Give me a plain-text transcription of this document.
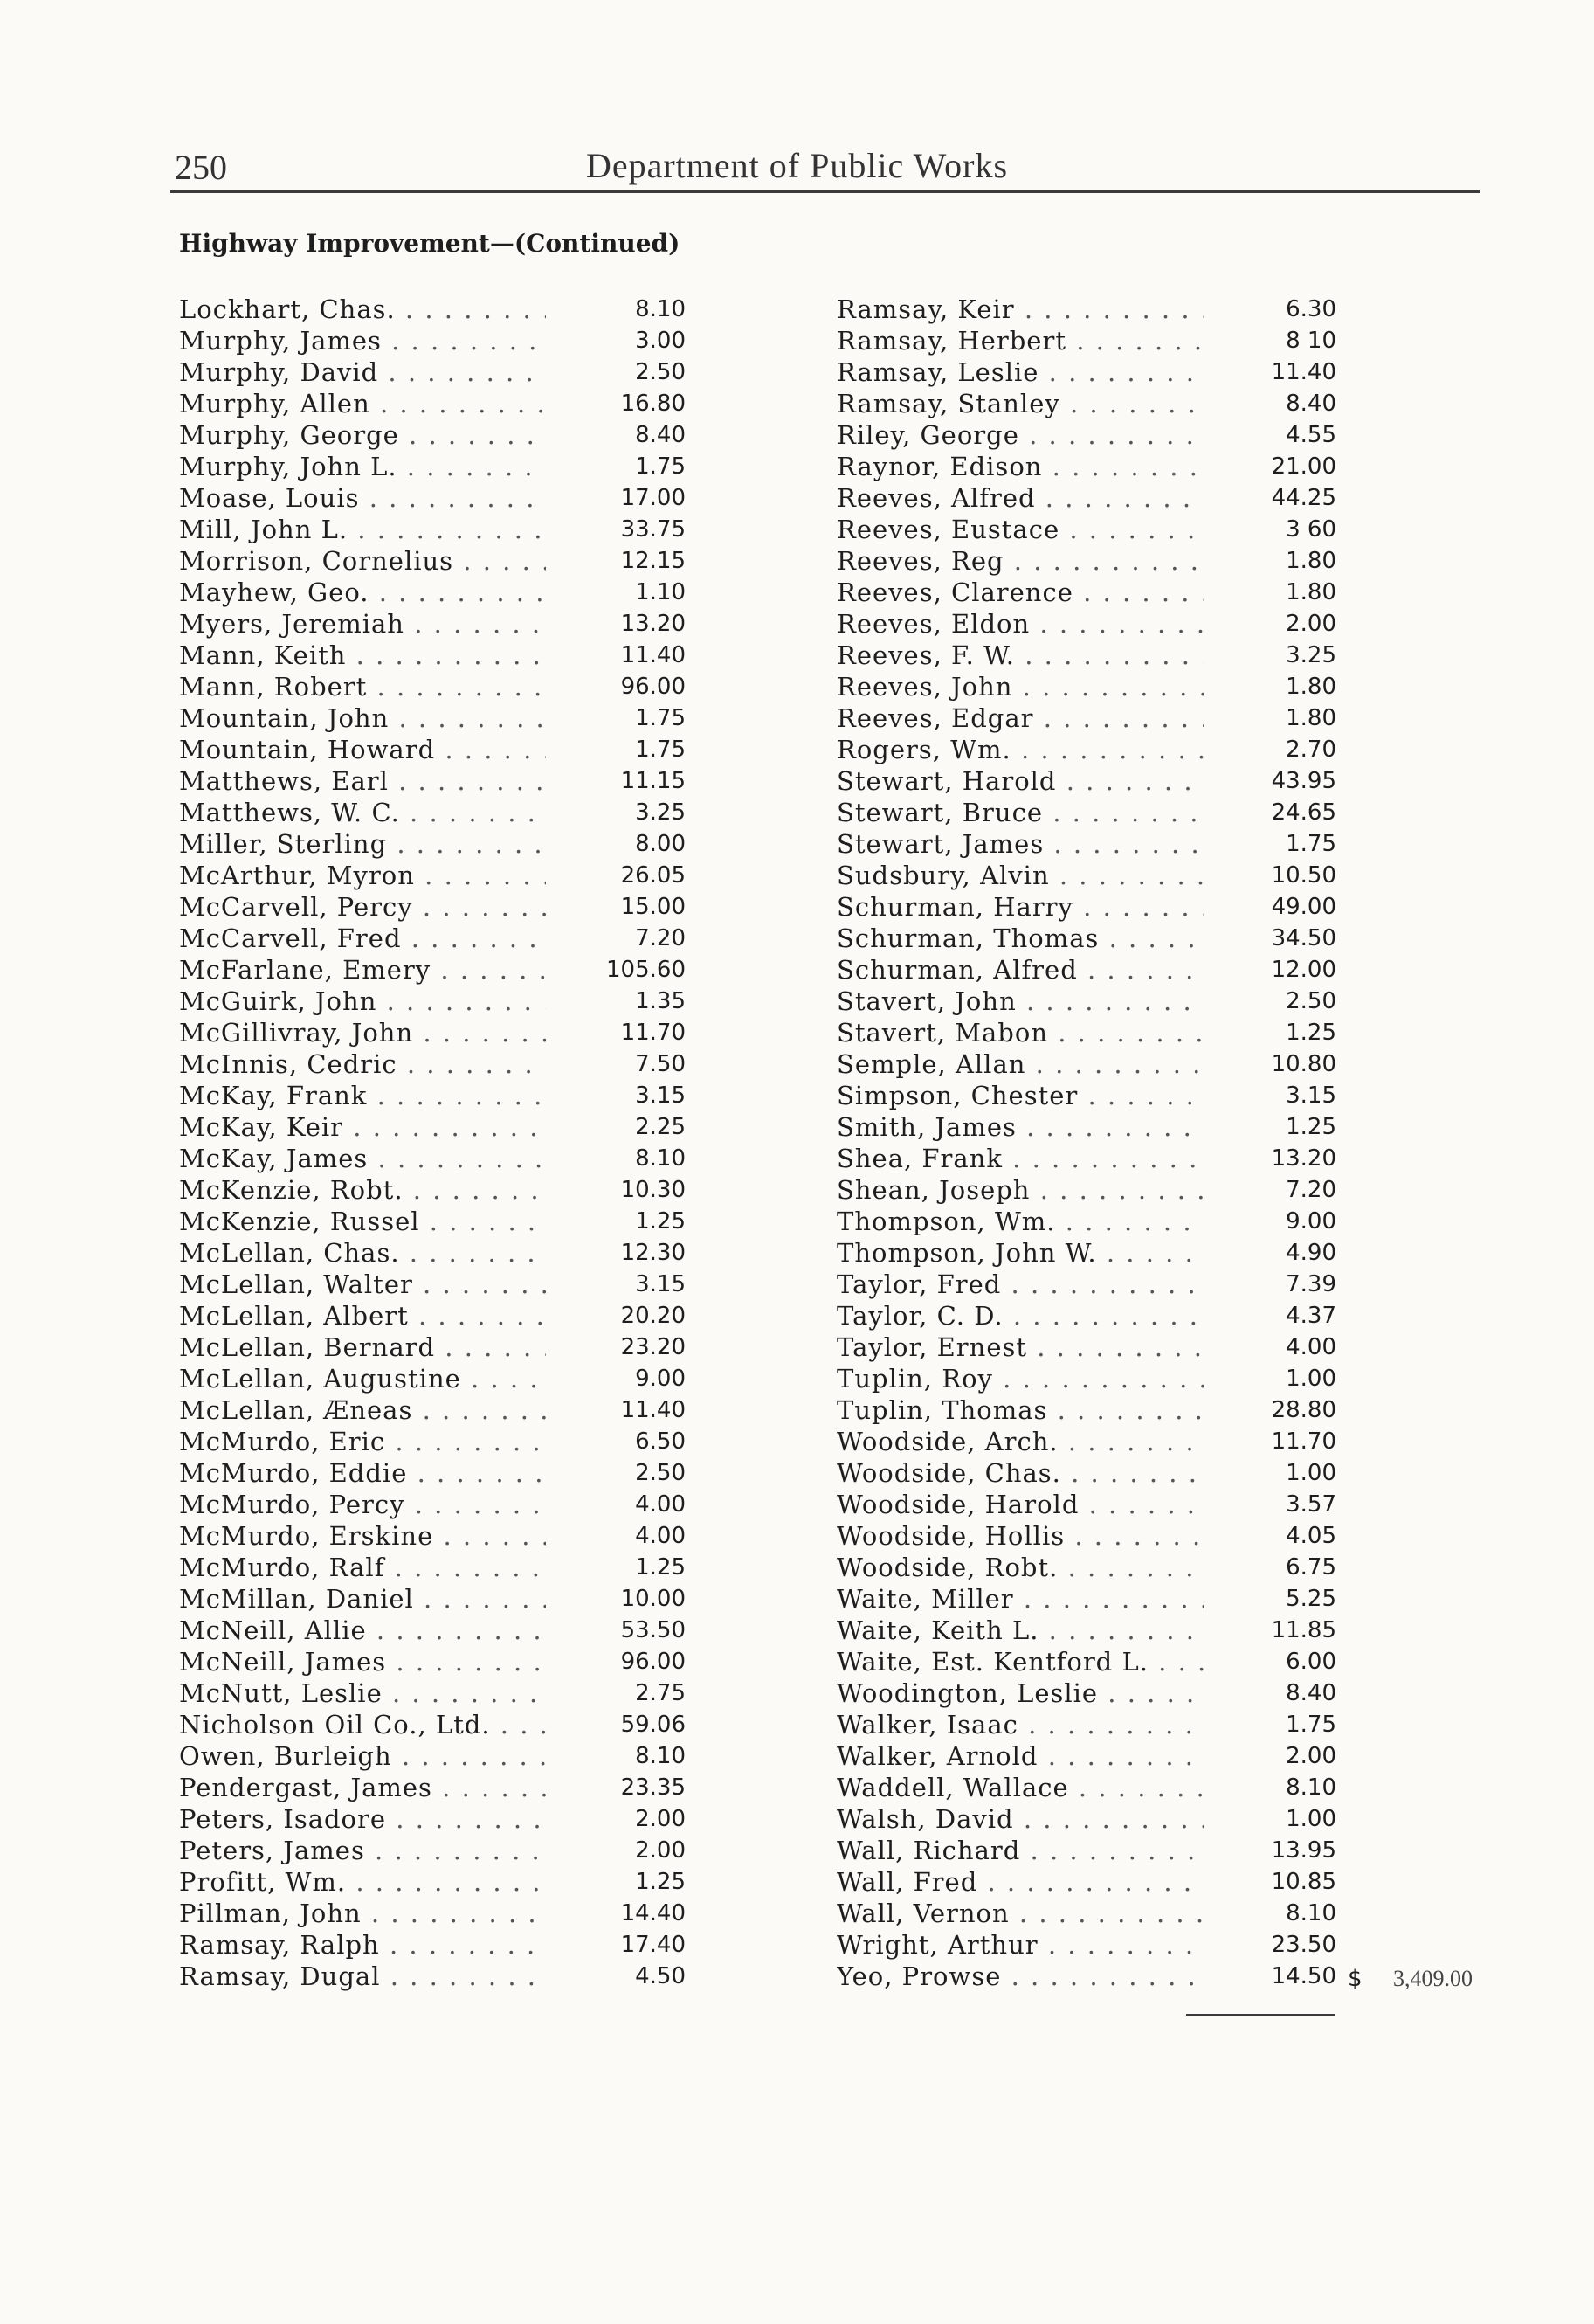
250	Department of Public Works
Highway Improvement—(Continued)
Lockhart, Chas. . . .	8.10
Murphy, James . . .	3.00
Murphy, David . . .	2.50
Murphy, Allen . . .	16.80
Murphy, George . . .	8.40
Murphy, John L. . . .	1.75
Moase, Louis . . .	17.00
Mill, John L. . . .	33.75
Morrison, Cornelius . . .	12.15
Mayhew, Geo. . . .	1.10
Myers, Jeremiah . . .	13.20
Mann, Keith . . .	11.40
Mann, Robert . . .	96.00
Mountain, John . . .	1.75
Mountain, Howard . . .	1.75
Matthews, Earl . . .	11.15
Matthews, W. C. . . .	3.25
Miller, Sterling . . .	8.00
McArthur, Myron . . .	26.05
McCarvell, Percy . . .	15.00
McCarvell, Fred . . .	7.20
McFarlane, Emery . . .	105.60
McGuirk, John . . .	1.35
McGillivray, John . . .	11.70
McInnis, Cedric . . .	7.50
McKay, Frank . . .	3.15
McKay, Keir . . .	2.25
McKay, James . . .	8.10
McKenzie, Robt. . . .	10.30
McKenzie, Russel . . .	1.25
McLellan, Chas. . . .	12.30
McLellan, Walter . . .	3.15
McLellan, Albert . . .	20.20
McLellan, Bernard . . .	23.20
McLellan, Augustine . . .	9.00
McLellan, Æneas . . .	11.40
McMurdo, Eric . . .	6.50
McMurdo, Eddie . . .	2.50
McMurdo, Percy . . .	4.00
McMurdo, Erskine . . .	4.00
McMurdo, Ralf . . .	1.25
McMillan, Daniel . . .	10.00
McNeill, Allie . . .	53.50
McNeill, James . . .	96.00
McNutt, Leslie . . .	2.75
Nicholson Oil Co., Ltd. . . .	59.06
Owen, Burleigh . . .	8.10
Pendergast, James . . .	23.35
Peters, Isadore . . .	2.00
Peters, James . . .	2.00
Profitt, Wm. . . .	1.25
Pillman, John . . .	14.40
Ramsay, Ralph . . .	17.40
Ramsay, Dugal . . .	4.50
Ramsay, Keir . . .	6.30
Ramsay, Herbert . . .	8 10
Ramsay, Leslie . . .	11.40
Ramsay, Stanley . . .	8.40
Riley, George . . .	4.55
Raynor, Edison . . .	21.00
Reeves, Alfred . . .	44.25
Reeves, Eustace . . .	3 60
Reeves, Reg . . .	1.80
Reeves, Clarence . . .	1.80
Reeves, Eldon . . .	2.00
Reeves, F. W. . . .	3.25
Reeves, John . . .	1.80
Reeves, Edgar . . .	1.80
Rogers, Wm. . . .	2.70
Stewart, Harold . . .	43.95
Stewart, Bruce . . .	24.65
Stewart, James . . .	1.75
Sudsbury, Alvin . . .	10.50
Schurman, Harry . . .	49.00
Schurman, Thomas . . .	34.50
Schurman, Alfred . . .	12.00
Stavert, John . . .	2.50
Stavert, Mabon . . .	1.25
Semple, Allan . . .	10.80
Simpson, Chester . . .	3.15
Smith, James . . .	1.25
Shea, Frank . . .	13.20
Shean, Joseph . . .	7.20
Thompson, Wm. . . .	9.00
Thompson, John W. . . .	4.90
Taylor, Fred . . .	7.39
Taylor, C. D. . . .	4.37
Taylor, Ernest . . .	4.00
Tuplin, Roy . . .	1.00
Tuplin, Thomas . . .	28.80
Woodside, Arch. . . .	11.70
Woodside, Chas. . . .	1.00
Woodside, Harold . . .	3.57
Woodside, Hollis . . .	4.05
Woodside, Robt. . . .	6.75
Waite, Miller . . .	5.25
Waite, Keith L. . . .	11.85
Waite, Est. Kentford L. . . .	6.00
Woodington, Leslie . . .	8.40
Walker, Isaac . . .	1.75
Walker, Arnold . . .	2.00
Waddell, Wallace . . .	8.10
Walsh, David . . .	1.00
Wall, Richard . . .	13.95
Wall, Fred . . .	10.85
Wall, Vernon . . .	8.10
Wright, Arthur . . .	23.50
Yeo, Prowse . . .	14.50 $ 3,409.00
